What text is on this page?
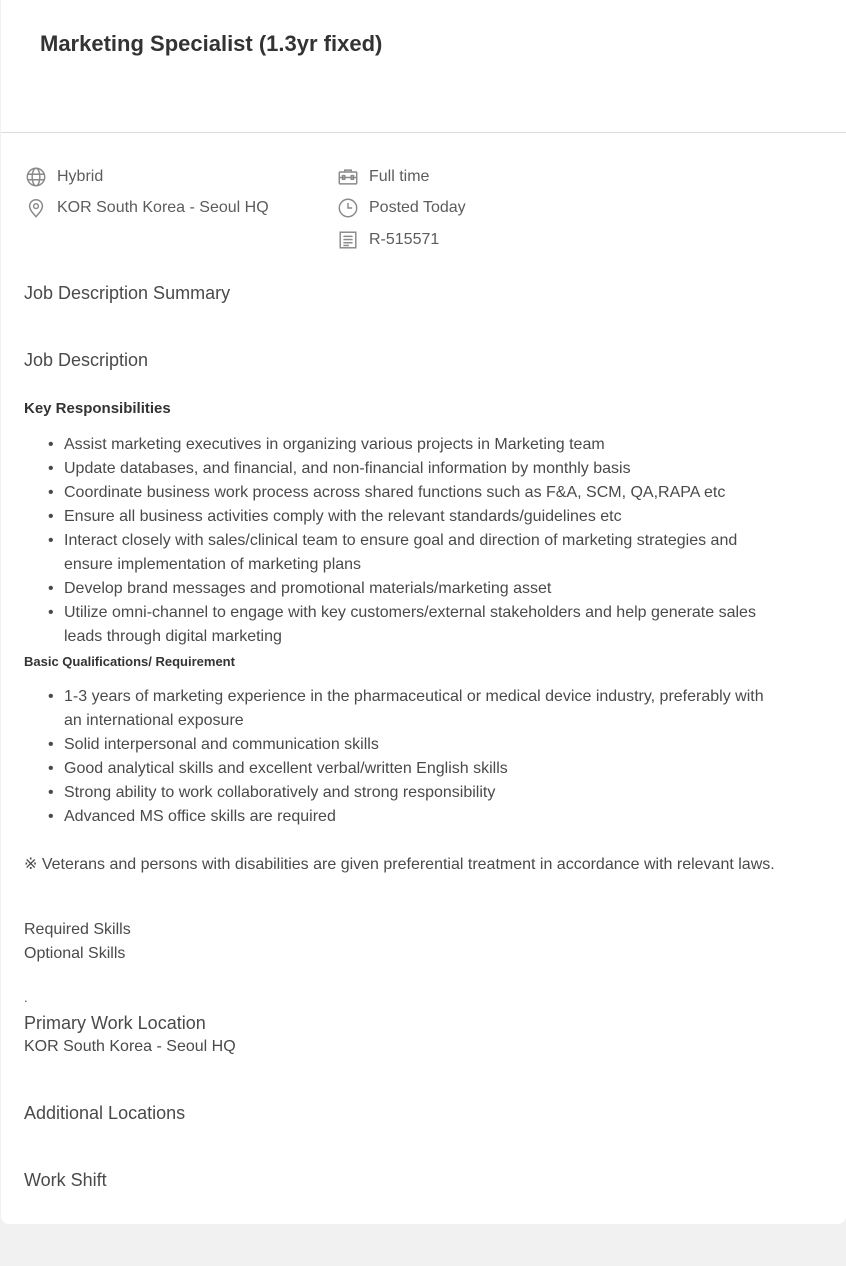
Marketing Specialist (1.3yr fixed)
Hybrid
KOR South Korea - Seoul HQ
Full time
Posted Today
R-515571
Job Description Summary
Job Description
Key Responsibilities
• Assist marketing executives in organizing various projects in Marketing team
• Update databases, and financial, and non-financial information by monthly basis
• Coordinate business work process across shared functions such as F&A, SCM, QA,RAPA etc
• Ensure all business activities comply with the relevant standards/guidelines etc
• Interact closely with sales/clinical team to ensure goal and direction of marketing strategies and ensure implementation of marketing plans
• Develop brand messages and promotional materials/marketing asset
• Utilize omni-channel to engage with key customers/external stakeholders and help generate sales leads through digital marketing
Basic Qualifications/ Requirement
• 1-3 years of marketing experience in the pharmaceutical or medical device industry, preferably with an international exposure
• Solid interpersonal and communication skills
• Good analytical skills and excellent verbal/written English skills
• Strong ability to work collaboratively and strong responsibility
• Advanced MS office skills are required

※ Veterans and persons with disabilities are given preferential treatment in accordance with relevant laws.

Required Skills

Optional Skills

.

Primary Work Location

KOR South Korea - Seoul HQ

Additional Locations
Work Shift
